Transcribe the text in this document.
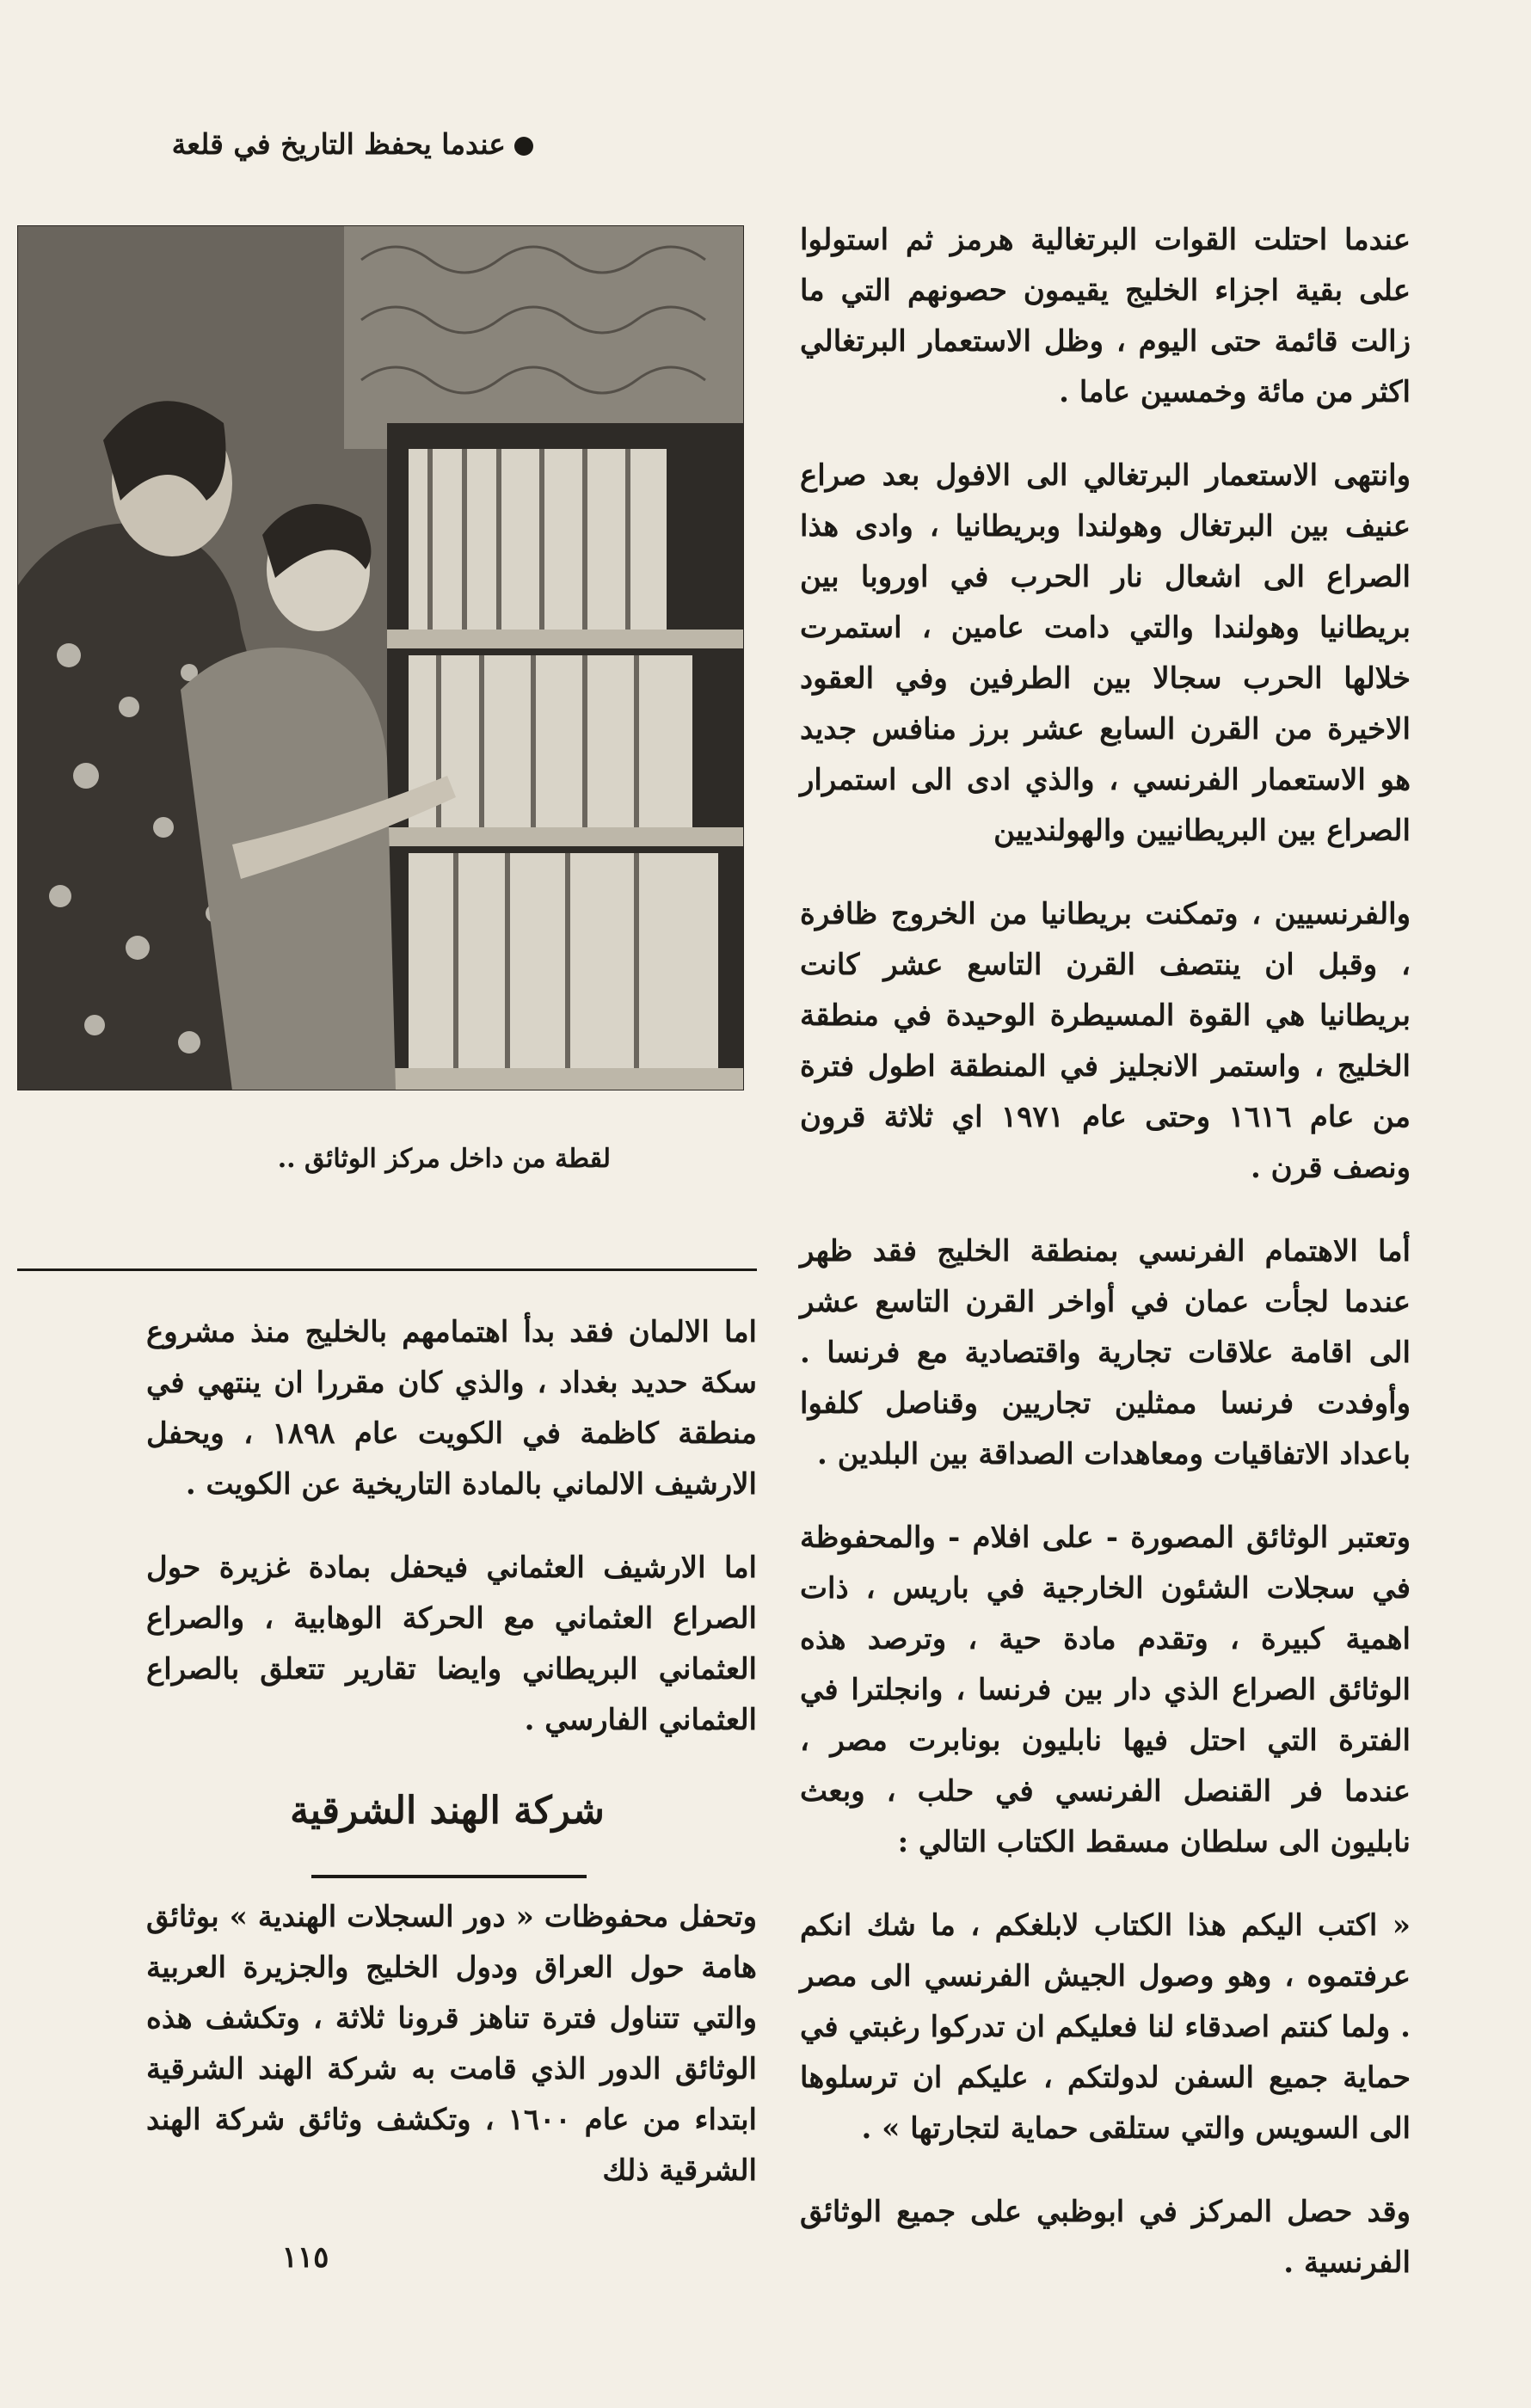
عندما يحفظ التاريخ في قلعة
لقطة من داخل مركز الوثائق ..

عندما احتلت القوات البرتغالية هرمز ثم استولوا على بقية اجزاء الخليج يقيمون حصونهم التي ما زالت قائمة حتى اليوم ، وظل الاستعمار البرتغالي اكثر من مائة وخمسين عاما .

وانتهى الاستعمار البرتغالي الى الافول بعد صراع عنيف بين البرتغال وهولندا وبريطانيا ، وادى هذا الصراع الى اشعال نار الحرب في اوروبا بين بريطانيا وهولندا والتي دامت عامين ، استمرت خلالها الحرب سجالا بين الطرفين وفي العقود الاخيرة من القرن السابع عشر برز منافس جديد هو الاستعمار الفرنسي ، والذي ادى الى استمرار الصراع بين البريطانيين والهولنديين

والفرنسيين ، وتمكنت بريطانيا من الخروج ظافرة ، وقبل ان ينتصف القرن التاسع عشر كانت بريطانيا هي القوة المسيطرة الوحيدة في منطقة الخليج ، واستمر الانجليز في المنطقة اطول فترة من عام ١٦١٦ وحتى عام ١٩٧١ اي ثلاثة قرون ونصف قرن .

أما الاهتمام الفرنسي بمنطقة الخليج فقد ظهر عندما لجأت عمان في أواخر القرن التاسع عشر الى اقامة علاقات تجارية واقتصادية مع فرنسا . وأوفدت فرنسا ممثلين تجاريين وقناصل كلفوا باعداد الاتفاقيات ومعاهدات الصداقة بين البلدين .

وتعتبر الوثائق المصورة - على افلام - والمحفوظة في سجلات الشئون الخارجية في باريس ، ذات اهمية كبيرة ، وتقدم مادة حية ، وترصد هذه الوثائق الصراع الذي دار بين فرنسا ، وانجلترا في الفترة التي احتل فيها نابليون بونابرت مصر ، عندما فر القنصل الفرنسي في حلب ، وبعث نابليون الى سلطان مسقط الكتاب التالي :

« اكتب اليكم هذا الكتاب لابلغكم ، ما شك انكم عرفتموه ، وهو وصول الجيش الفرنسي الى مصر . ولما كنتم اصدقاء لنا فعليكم ان تدركوا رغبتي في حماية جميع السفن لدولتكم ، عليكم ان ترسلوها الى السويس والتي ستلقى حماية لتجارتها » .

وقد حصل المركز في ابوظبي على جميع الوثائق الفرنسية .

اما الالمان فقد بدأ اهتمامهم بالخليج منذ مشروع سكة حديد بغداد ، والذي كان مقررا ان ينتهي في منطقة كاظمة في الكويت عام ١٨٩٨ ، ويحفل الارشيف الالماني بالمادة التاريخية عن الكويت .

اما الارشيف العثماني فيحفل بمادة غزيرة حول الصراع العثماني مع الحركة الوهابية ، والصراع العثماني البريطاني وايضا تقارير تتعلق بالصراع العثماني الفارسي .

شركة الهند الشرقية

وتحفل محفوظات « دور السجلات الهندية » بوثائق هامة حول العراق ودول الخليج والجزيرة العربية والتي تتناول فترة تناهز قرونا ثلاثة ، وتكشف هذه الوثائق الدور الذي قامت به شركة الهند الشرقية ابتداء من عام ١٦٠٠ ، وتكشف وثائق شركة الهند الشرقية ذلك

١١٥
